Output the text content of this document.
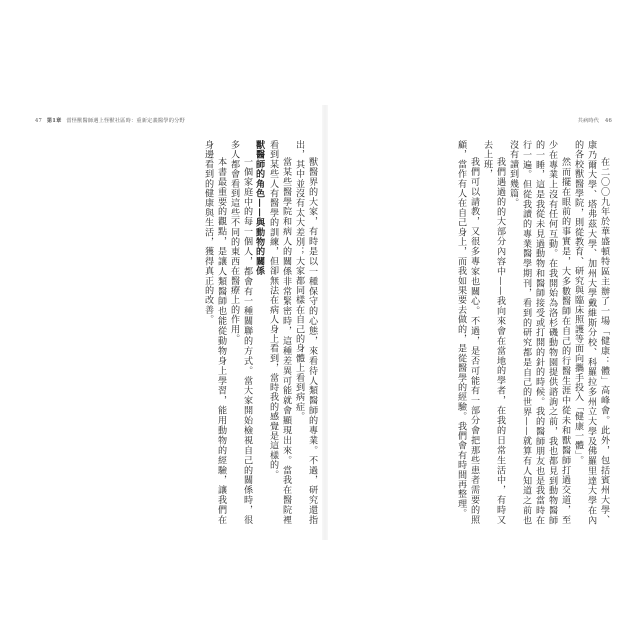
47 第1章 當怪獸醫師遇上怪獸社區時：重新定義醫學的分野	共病時代 46

在二〇〇九年於華盛頓特區主辦了一場「健康：體」高峰會。此外，包括賓州大學、康乃爾大學、塔弗茲大學、加州大學戴維斯分校、科羅拉多州立大學及佛羅里達大學在內的各校獸醫學院，則從教育、研究與臨床照護等面向攜手投入「健康一體」。

然而擺在眼前的事實是，大多數醫師在自己的行醫生涯中從未和獸醫師打過交道，至少在專業上沒有任何互動。在我開始為洛杉磯動物園提供諮詢之前，我也都見到動物醫師的一睡，這是我從未見過動物和醫師接受或打開的針的時候。我的醫師朋友也是我當時在行一遍。但從我讀的專業醫學期刊，看到的研究都是自己的世界——就算有人知道之前也沒有讀到幾篇。

我們遇過的的大部分內容中——我向來會在當地的學者，在我的日常生活中，有時又去上班，

我們可以請教，又很多專家也關心。不過，是否可能有一部分會把那些患者需要的照顧，當作有人在自己身上，而我如果要去做的，是從醫學的經驗。我們會有時間再整理。

獸醫界的大家，有時是以一種保守的心態，來看待人類醫師的專業。不過，研究還指出，其中並沒有太大差別；大家都同樣在自己的身體上看到病症。

當某些醫學院和病人的關係非常緊密時，這種差異可能就會顯現出來。當我在醫院裡看到某些人有醫學的訓練，但卻無法在病人身上看到，當時我的感覺是這樣的。

獸醫師的角色——與動物的關係

一個家庭中的每一個人，都會有一種關聯的方式。當大家開始檢視自己的關係時，很多人都會看到這些不同的東西在醫療上的作用。

本書最重要的觀點，是讓人類醫師也能從動物身上學習，能用動物的經驗，讓我們在身邊看到的健康與生活，獲得真正的改善。
